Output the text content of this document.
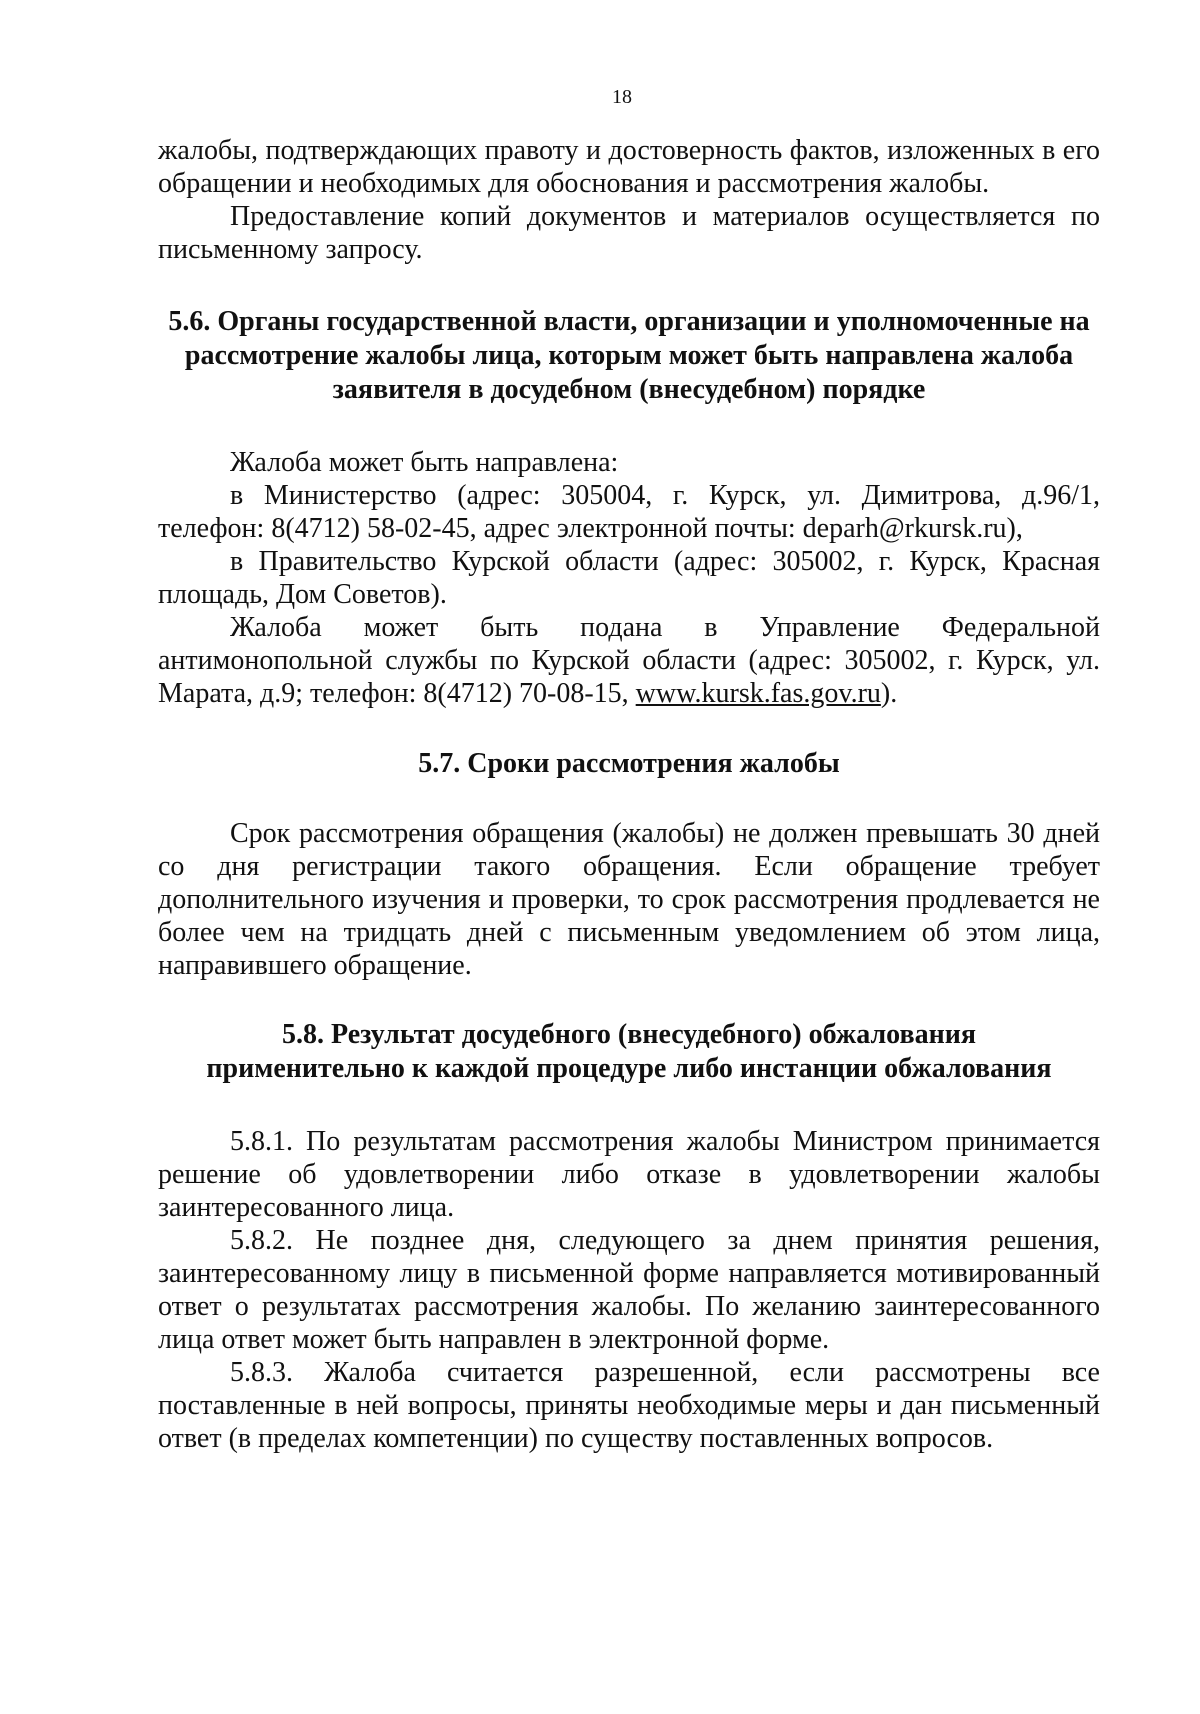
18

жалобы, подтверждающих правоту и достоверность фактов, изложенных в его обращении и необходимых для обоснования и рассмотрения жалобы.

Предоставление копий документов и материалов осуществляется по письменному запросу.

5.6. Органы государственной власти, организации и уполномоченные на
рассмотрение жалобы лица, которым может быть направлена жалоба
заявителя в досудебном (внесудебном) порядке

Жалоба может быть направлена:

в Министерство (адрес: 305004, г. Курск, ул. Димитрова, д.96/1, телефон: 8(4712) 58-02-45, адрес электронной почты: deparh@rkursk.ru),

в Правительство Курской области (адрес: 305002, г. Курск, Красная площадь, Дом Советов).

Жалоба может быть подана в Управление Федеральной антимонопольной службы по Курской области (адрес: 305002, г. Курск, ул. Марата, д.9; телефон: 8(4712) 70-08-15, www.kursk.fas.gov.ru).

5.7. Сроки рассмотрения жалобы

Срок рассмотрения обращения (жалобы) не должен превышать 30 дней со дня регистрации такого обращения. Если обращение требует дополнительного изучения и проверки, то срок рассмотрения продлевается не более чем на тридцать дней с письменным уведомлением об этом лица, направившего обращение.

5.8. Результат досудебного (внесудебного) обжалования
применительно к каждой процедуре либо инстанции обжалования

5.8.1. По результатам рассмотрения жалобы Министром принимается решение об удовлетворении либо отказе в удовлетворении жалобы заинтересованного лица.

5.8.2. Не позднее дня, следующего за днем принятия решения, заинтересованному лицу в письменной форме направляется мотивированный ответ о результатах рассмотрения жалобы. По желанию заинтересованного лица ответ может быть направлен в электронной форме.

5.8.3. Жалоба считается разрешенной, если рассмотрены все поставленные в ней вопросы, приняты необходимые меры и дан письменный ответ (в пределах компетенции) по существу поставленных вопросов.
